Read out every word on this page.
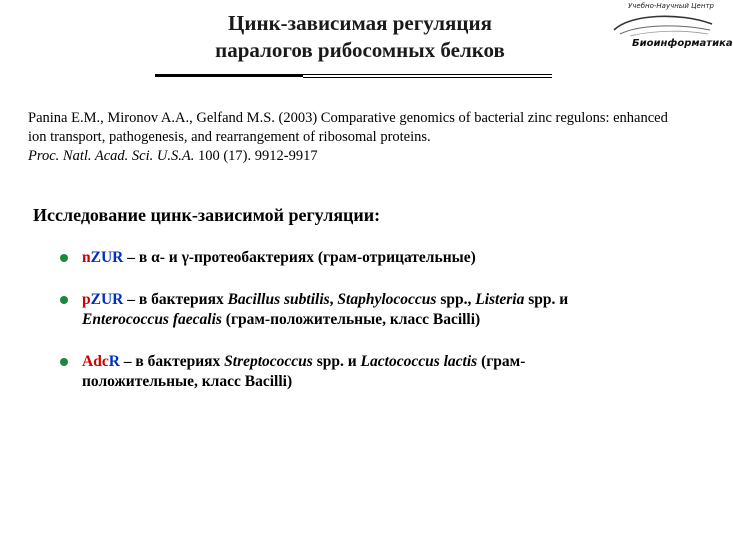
Цинк-зависимая регуляция
паралогов рибосомных белков
Учебно-Научный Центр
Биоинформатика
Panina E.M., Mironov A.A., Gelfand M.S. (2003) Comparative genomics of bacterial zinc regulons: enhanced ion transport, pathogenesis, and rearrangement of ribosomal proteins.
Proc. Natl. Acad. Sci. U.S.A. 100 (17). 9912-9917
Исследование цинк-зависимой регуляции:
nZUR – в α- и γ-протеобактериях (грам-отрицательные)
pZUR – в бактериях Bacillus subtilis, Staphylococcus spp., Listeria spp. и Enterococcus faecalis (грам-положительные, класс Bacilli)
AdcR – в бактериях Streptococcus spp. и Lactococcus lactis (грам-положительные, класс Bacilli)
